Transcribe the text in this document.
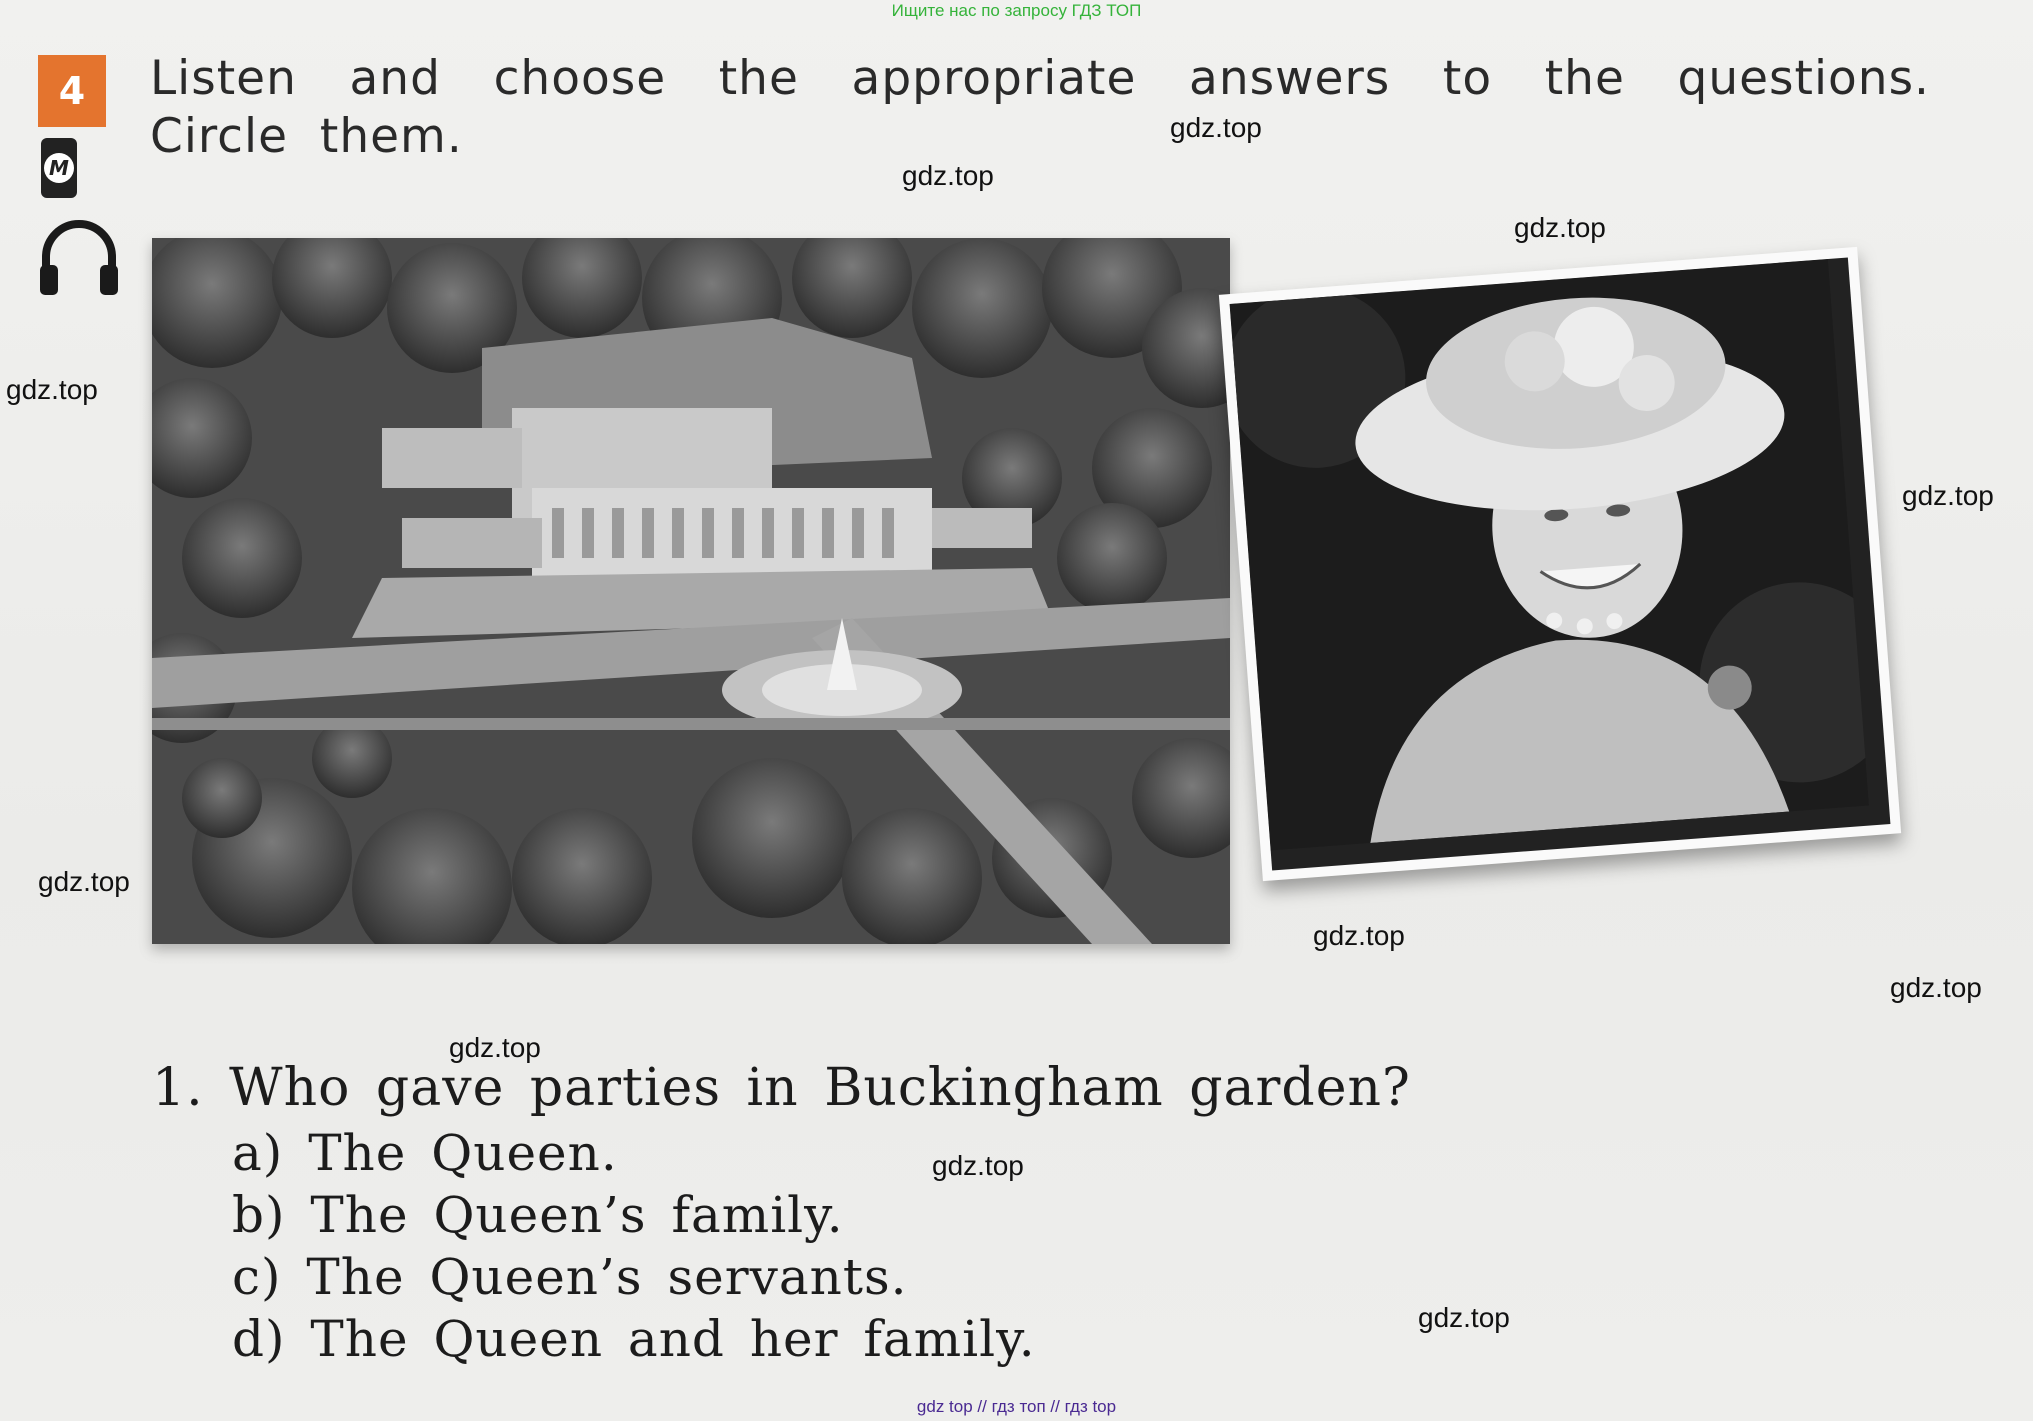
Ищите нас по запросу ГДЗ ТОП
4
M
Listen and choose the appropriate answers to the questions. Circle them.	gdz.top
gdz.top
gdz.top
gdz.top
gdz.top
gdz.top
gdz.top
gdz.top
gdz.top
gdz.top
gdz.top
1. Who gave parties in Buckingham garden?
a) The Queen.
b) The Queen’s family.
c) The Queen’s servants.
d) The Queen and her family.
gdz top // гдз топ // гдз top
